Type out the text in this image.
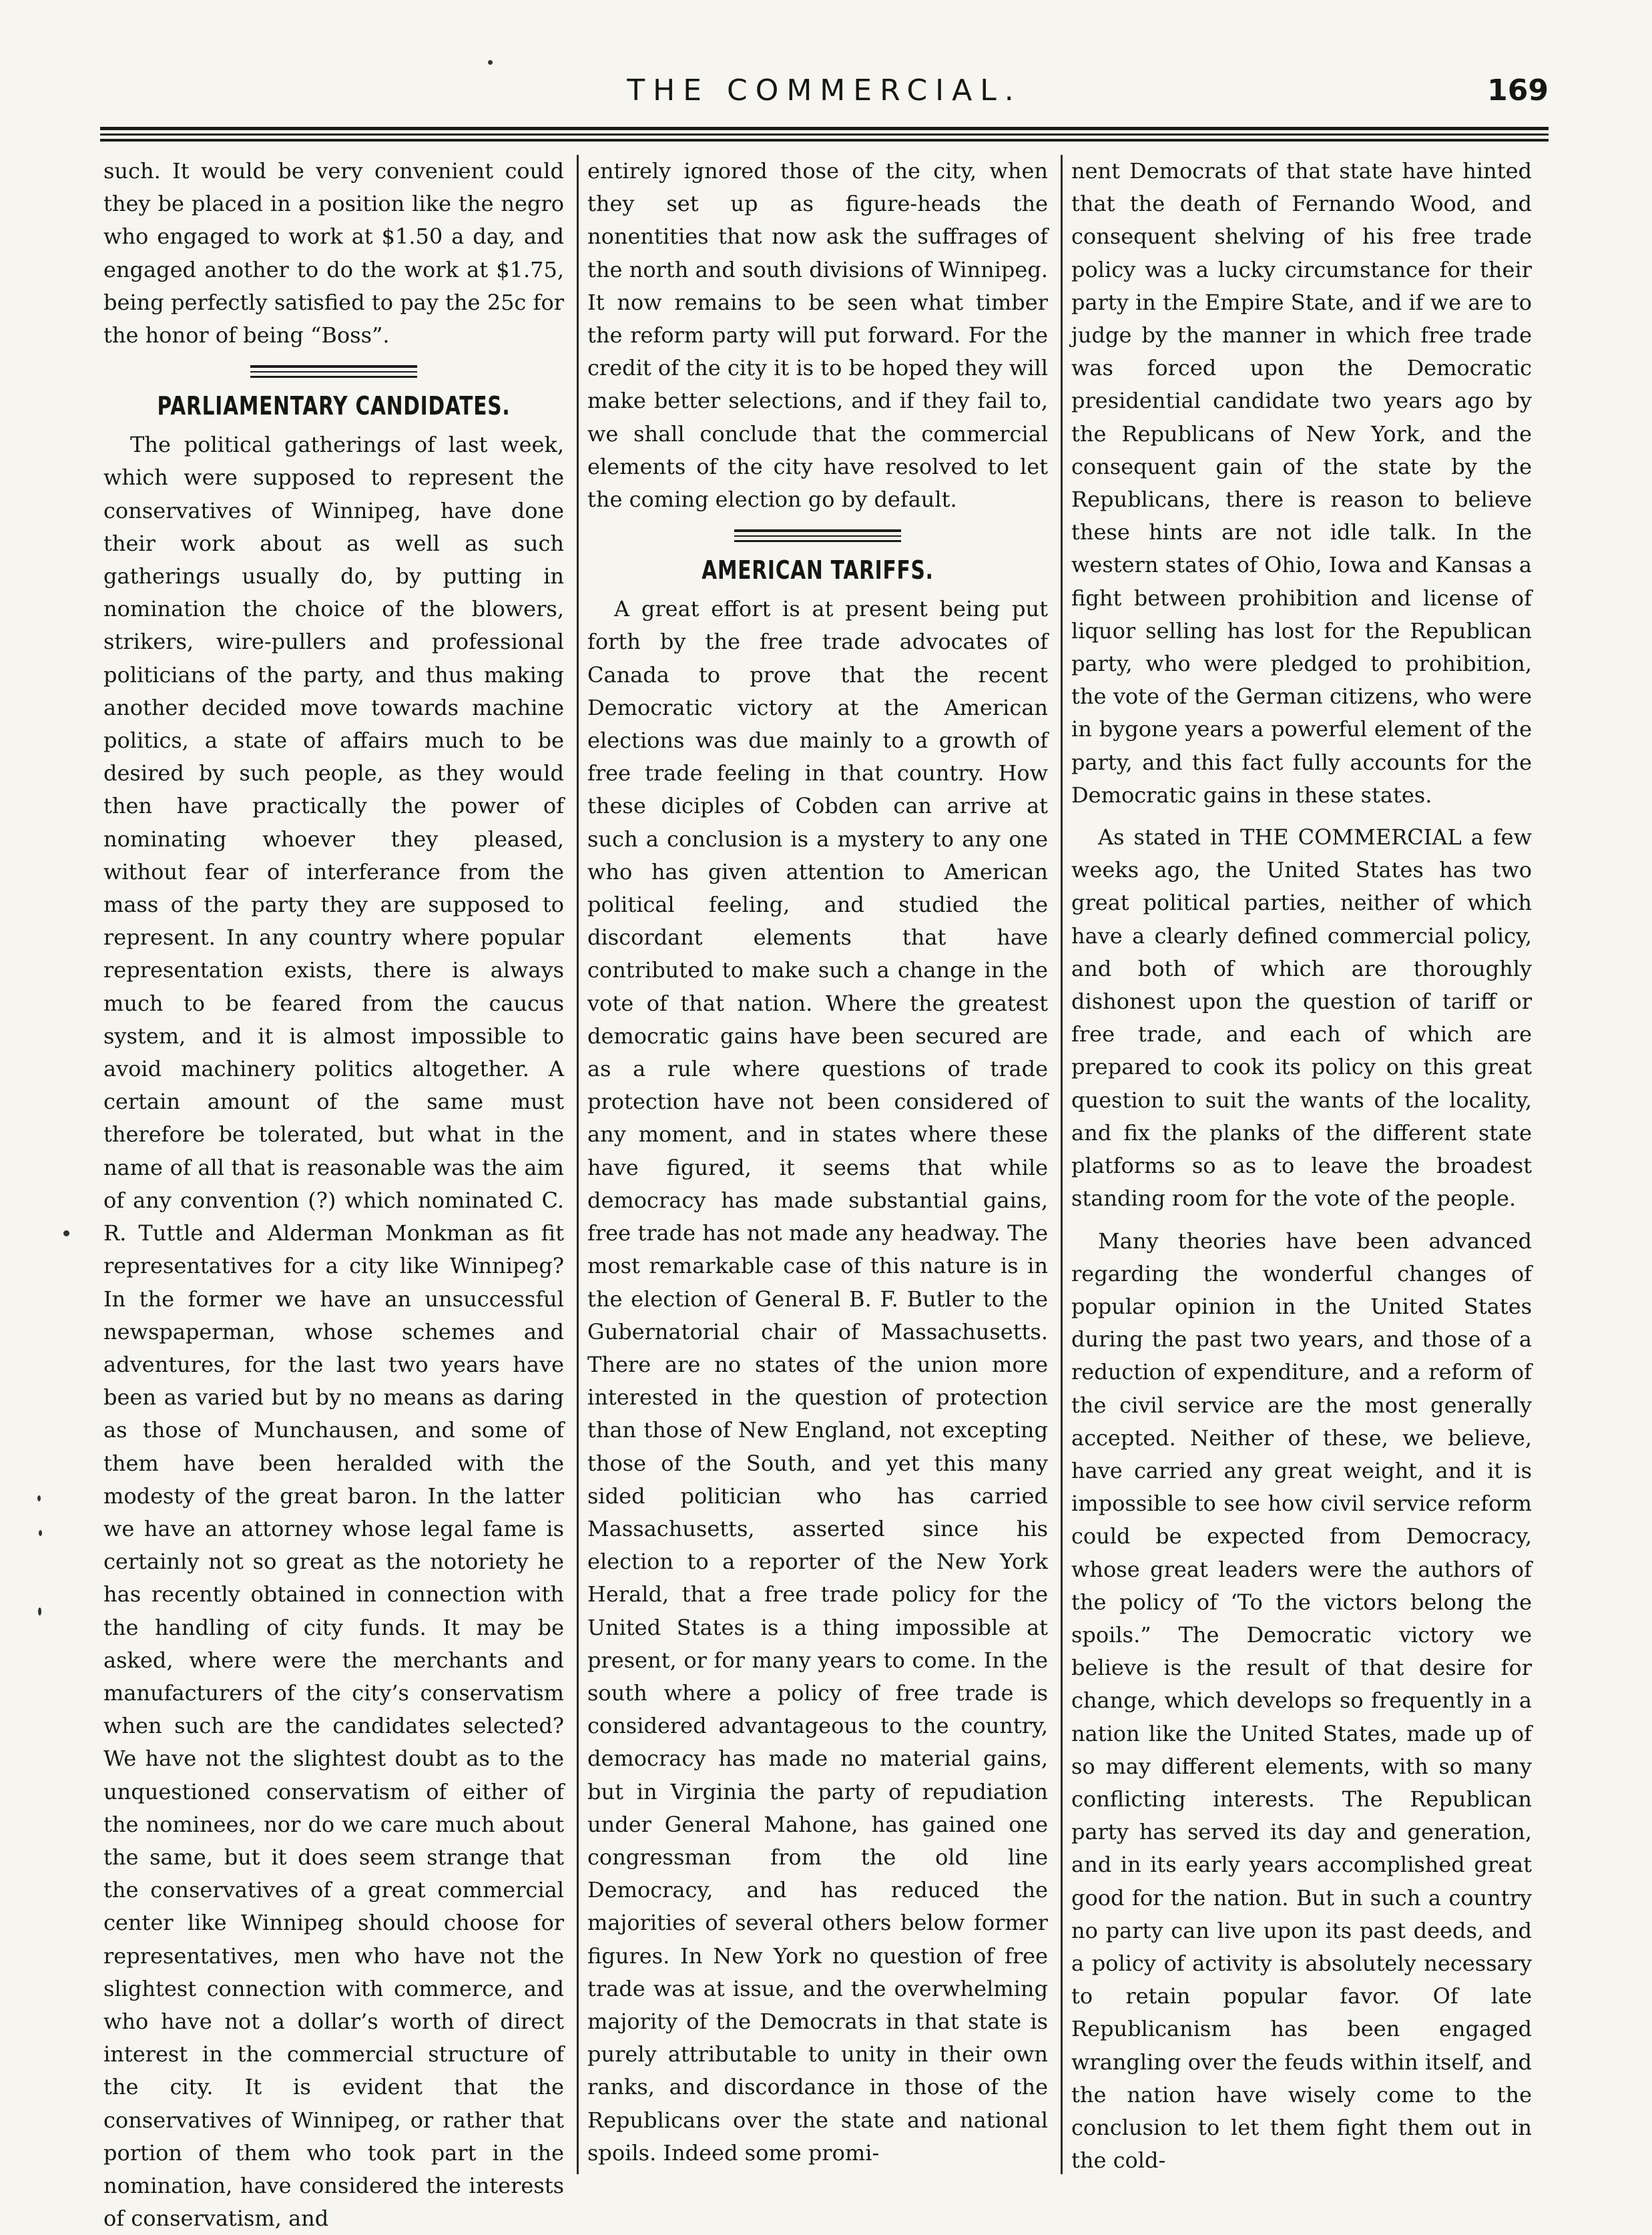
THE COMMERCIAL.	169

such. It would be very convenient could they be placed in a position like the negro who engaged to work at $1.50 a day, and engaged another to do the work at $1.75, being perfectly satisfied to pay the 25c for the honor of being “Boss”.

PARLIAMENTARY CANDIDATES.

The political gatherings of last week, which were supposed to represent the conservatives of Winnipeg, have done their work about as well as such gatherings usually do, by putting in nomination the choice of the blowers, strikers, wire-pullers and professional politicians of the party, and thus making another decided move towards machine politics, a state of affairs much to be desired by such people, as they would then have practically the power of nominating whoever they pleased, without fear of interferance from the mass of the party they are supposed to represent. In any country where popular representation exists, there is always much to be feared from the caucus system, and it is almost impossible to avoid machinery politics altogether. A certain amount of the same must therefore be tolerated, but what in the name of all that is reasonable was the aim of any convention (?) which nominated C. R. Tuttle and Alderman Monkman as fit representatives for a city like Winnipeg? In the former we have an unsuccessful newspaperman, whose schemes and adventures, for the last two years have been as varied but by no means as daring as those of Munchausen, and some of them have been heralded with the modesty of the great baron. In the latter we have an attorney whose legal fame is certainly not so great as the notoriety he has recently obtained in connection with the handling of city funds. It may be asked, where were the merchants and manufacturers of the city’s conservatism when such are the candidates selected? We have not the slightest doubt as to the unquestioned conservatism of either of the nominees, nor do we care much about the same, but it does seem strange that the conservatives of a great commercial center like Winnipeg should choose for representatives, men who have not the slightest connection with commerce, and who have not a dollar’s worth of direct interest in the commercial structure of the city. It is evident that the conservatives of Winnipeg, or rather that portion of them who took part in the nomination, have considered the interests of conservatism, and

entirely ignored those of the city, when they set up as figure-heads the nonentities that now ask the suffrages of the north and south divisions of Winnipeg. It now remains to be seen what timber the reform party will put forward. For the credit of the city it is to be hoped they will make better selections, and if they fail to, we shall conclude that the commercial elements of the city have resolved to let the coming election go by default.

AMERICAN TARIFFS.

A great effort is at present being put forth by the free trade advocates of Canada to prove that the recent Democratic victory at the American elections was due mainly to a growth of free trade feeling in that country. How these diciples of Cobden can arrive at such a conclusion is a mystery to any one who has given attention to American political feeling, and studied the discordant elements that have contributed to make such a change in the vote of that nation. Where the greatest democratic gains have been secured are as a rule where questions of trade protection have not been considered of any moment, and in states where these have figured, it seems that while democracy has made substantial gains, free trade has not made any headway. The most remarkable case of this nature is in the election of General B. F. Butler to the Gubernatorial chair of Massachusetts. There are no states of the union more interested in the question of protection than those of New England, not excepting those of the South, and yet this many sided politician who has carried Massachusetts, asserted since his election to a reporter of the New York Herald, that a free trade policy for the United States is a thing impossible at present, or for many years to come. In the south where a policy of free trade is considered advantageous to the country, democracy has made no material gains, but in Virginia the party of repudiation under General Mahone, has gained one congressman from the old line Democracy, and has reduced the majorities of several others below former figures. In New York no question of free trade was at issue, and the overwhelming majority of the Democrats in that state is purely attributable to unity in their own ranks, and discordance in those of the Republicans over the state and national spoils. Indeed some promi-

nent Democrats of that state have hinted that the death of Fernando Wood, and consequent shelving of his free trade policy was a lucky circumstance for their party in the Empire State, and if we are to judge by the manner in which free trade was forced upon the Democratic presidential candidate two years ago by the Republicans of New York, and the consequent gain of the state by the Republicans, there is reason to believe these hints are not idle talk. In the western states of Ohio, Iowa and Kansas a fight between prohibition and license of liquor selling has lost for the Republican party, who were pledged to prohibition, the vote of the German citizens, who were in bygone years a powerful element of the party, and this fact fully accounts for the Democratic gains in these states.

As stated in THE COMMERCIAL a few weeks ago, the United States has two great political parties, neither of which have a clearly defined commercial policy, and both of which are thoroughly dishonest upon the question of tariff or free trade, and each of which are prepared to cook its policy on this great question to suit the wants of the locality, and fix the planks of the different state platforms so as to leave the broadest standing room for the vote of the people.

Many theories have been advanced regarding the wonderful changes of popular opinion in the United States during the past two years, and those of a reduction of expenditure, and a reform of the civil service are the most generally accepted. Neither of these, we believe, have carried any great weight, and it is impossible to see how civil service reform could be expected from Democracy, whose great leaders were the authors of the policy of ‘To the victors belong the spoils.” The Democratic victory we believe is the result of that desire for change, which develops so frequently in a nation like the United States, made up of so may different elements, with so many conflicting interests. The Republican party has served its day and generation, and in its early years accomplished great good for the nation. But in such a country no party can live upon its past deeds, and a policy of activity is absolutely necessary to retain popular favor. Of late Republicanism has been engaged wrangling over the feuds within itself, and the nation have wisely come to the conclusion to let them fight them out in the cold-
